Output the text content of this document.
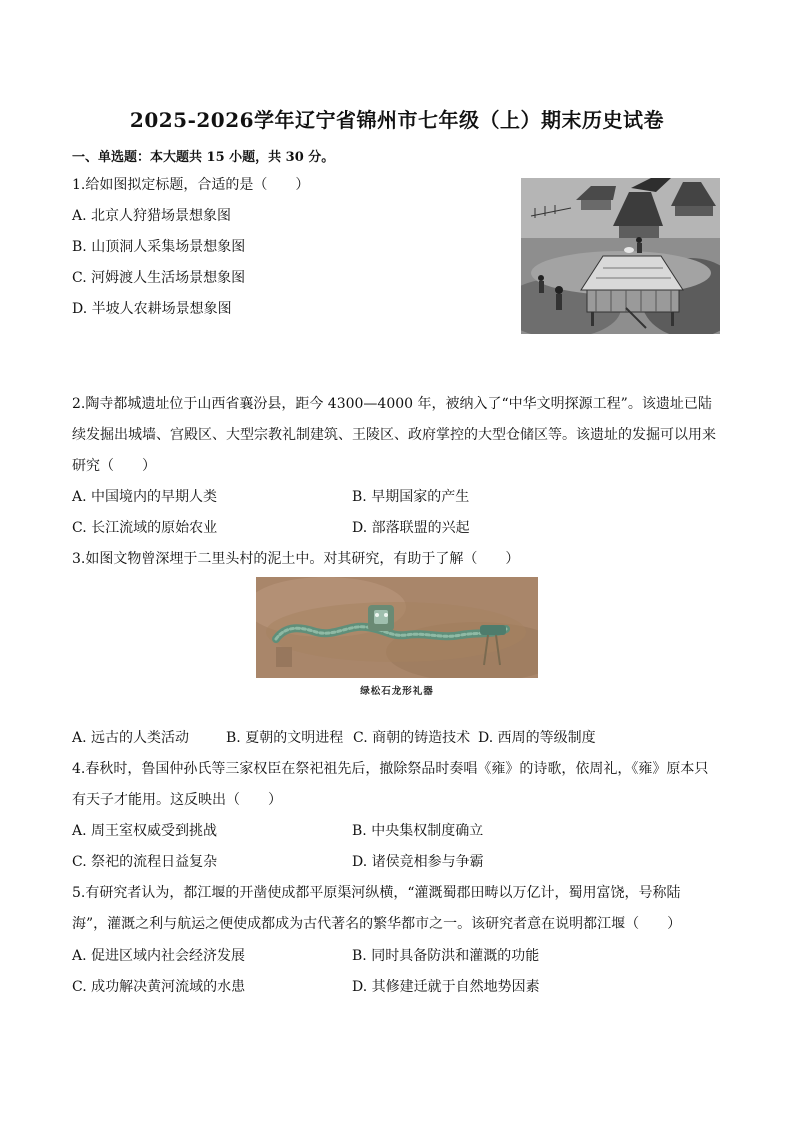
2025-2026学年辽宁省锦州市七年级（上）期末历史试卷
一、单选题：本大题共 15 小题，共 30 分。
1.给如图拟定标题，合适的是（　　）
A. 北京人狩猎场景想象图
B. 山顶洞人采集场景想象图
C. 河姆渡人生活场景想象图
D. 半坡人农耕场景想象图
2.陶寺都城遗址位于山西省襄汾县，距今 4300—4000 年，被纳入了“中华文明探源工程”。该遗址已陆
续发掘出城墙、宫殿区、大型宗教礼制建筑、王陵区、政府掌控的大型仓储区等。该遗址的发掘可以用来
研究（　　）
A. 中国境内的早期人类	B. 早期国家的产生
C. 长江流域的原始农业	D. 部落联盟的兴起
3.如图文物曾深埋于二里头村的泥土中。对其研究，有助于了解（　　）
绿松石龙形礼器
A. 远古的人类活动	B. 夏朝的文明进程 C. 商朝的铸造技术 D. 西周的等级制度
4.春秋时，鲁国仲孙氏等三家权臣在祭祀祖先后，撤除祭品时奏唱《雍》的诗歌，依周礼，《雍》原本只
有天子才能用。这反映出（　　）
A. 周王室权威受到挑战	B. 中央集权制度确立
C. 祭祀的流程日益复杂	D. 诸侯竞相参与争霸
5.有研究者认为，都江堰的开凿使成都平原渠河纵横，“灌溉蜀郡田畴以万亿计，蜀用富饶，号称陆
海”，灌溉之利与航运之便使成都成为古代著名的繁华都市之一。该研究者意在说明都江堰（　　）
A. 促进区域内社会经济发展	B. 同时具备防洪和灌溉的功能
C. 成功解决黄河流域的水患	D. 其修建迁就于自然地势因素
